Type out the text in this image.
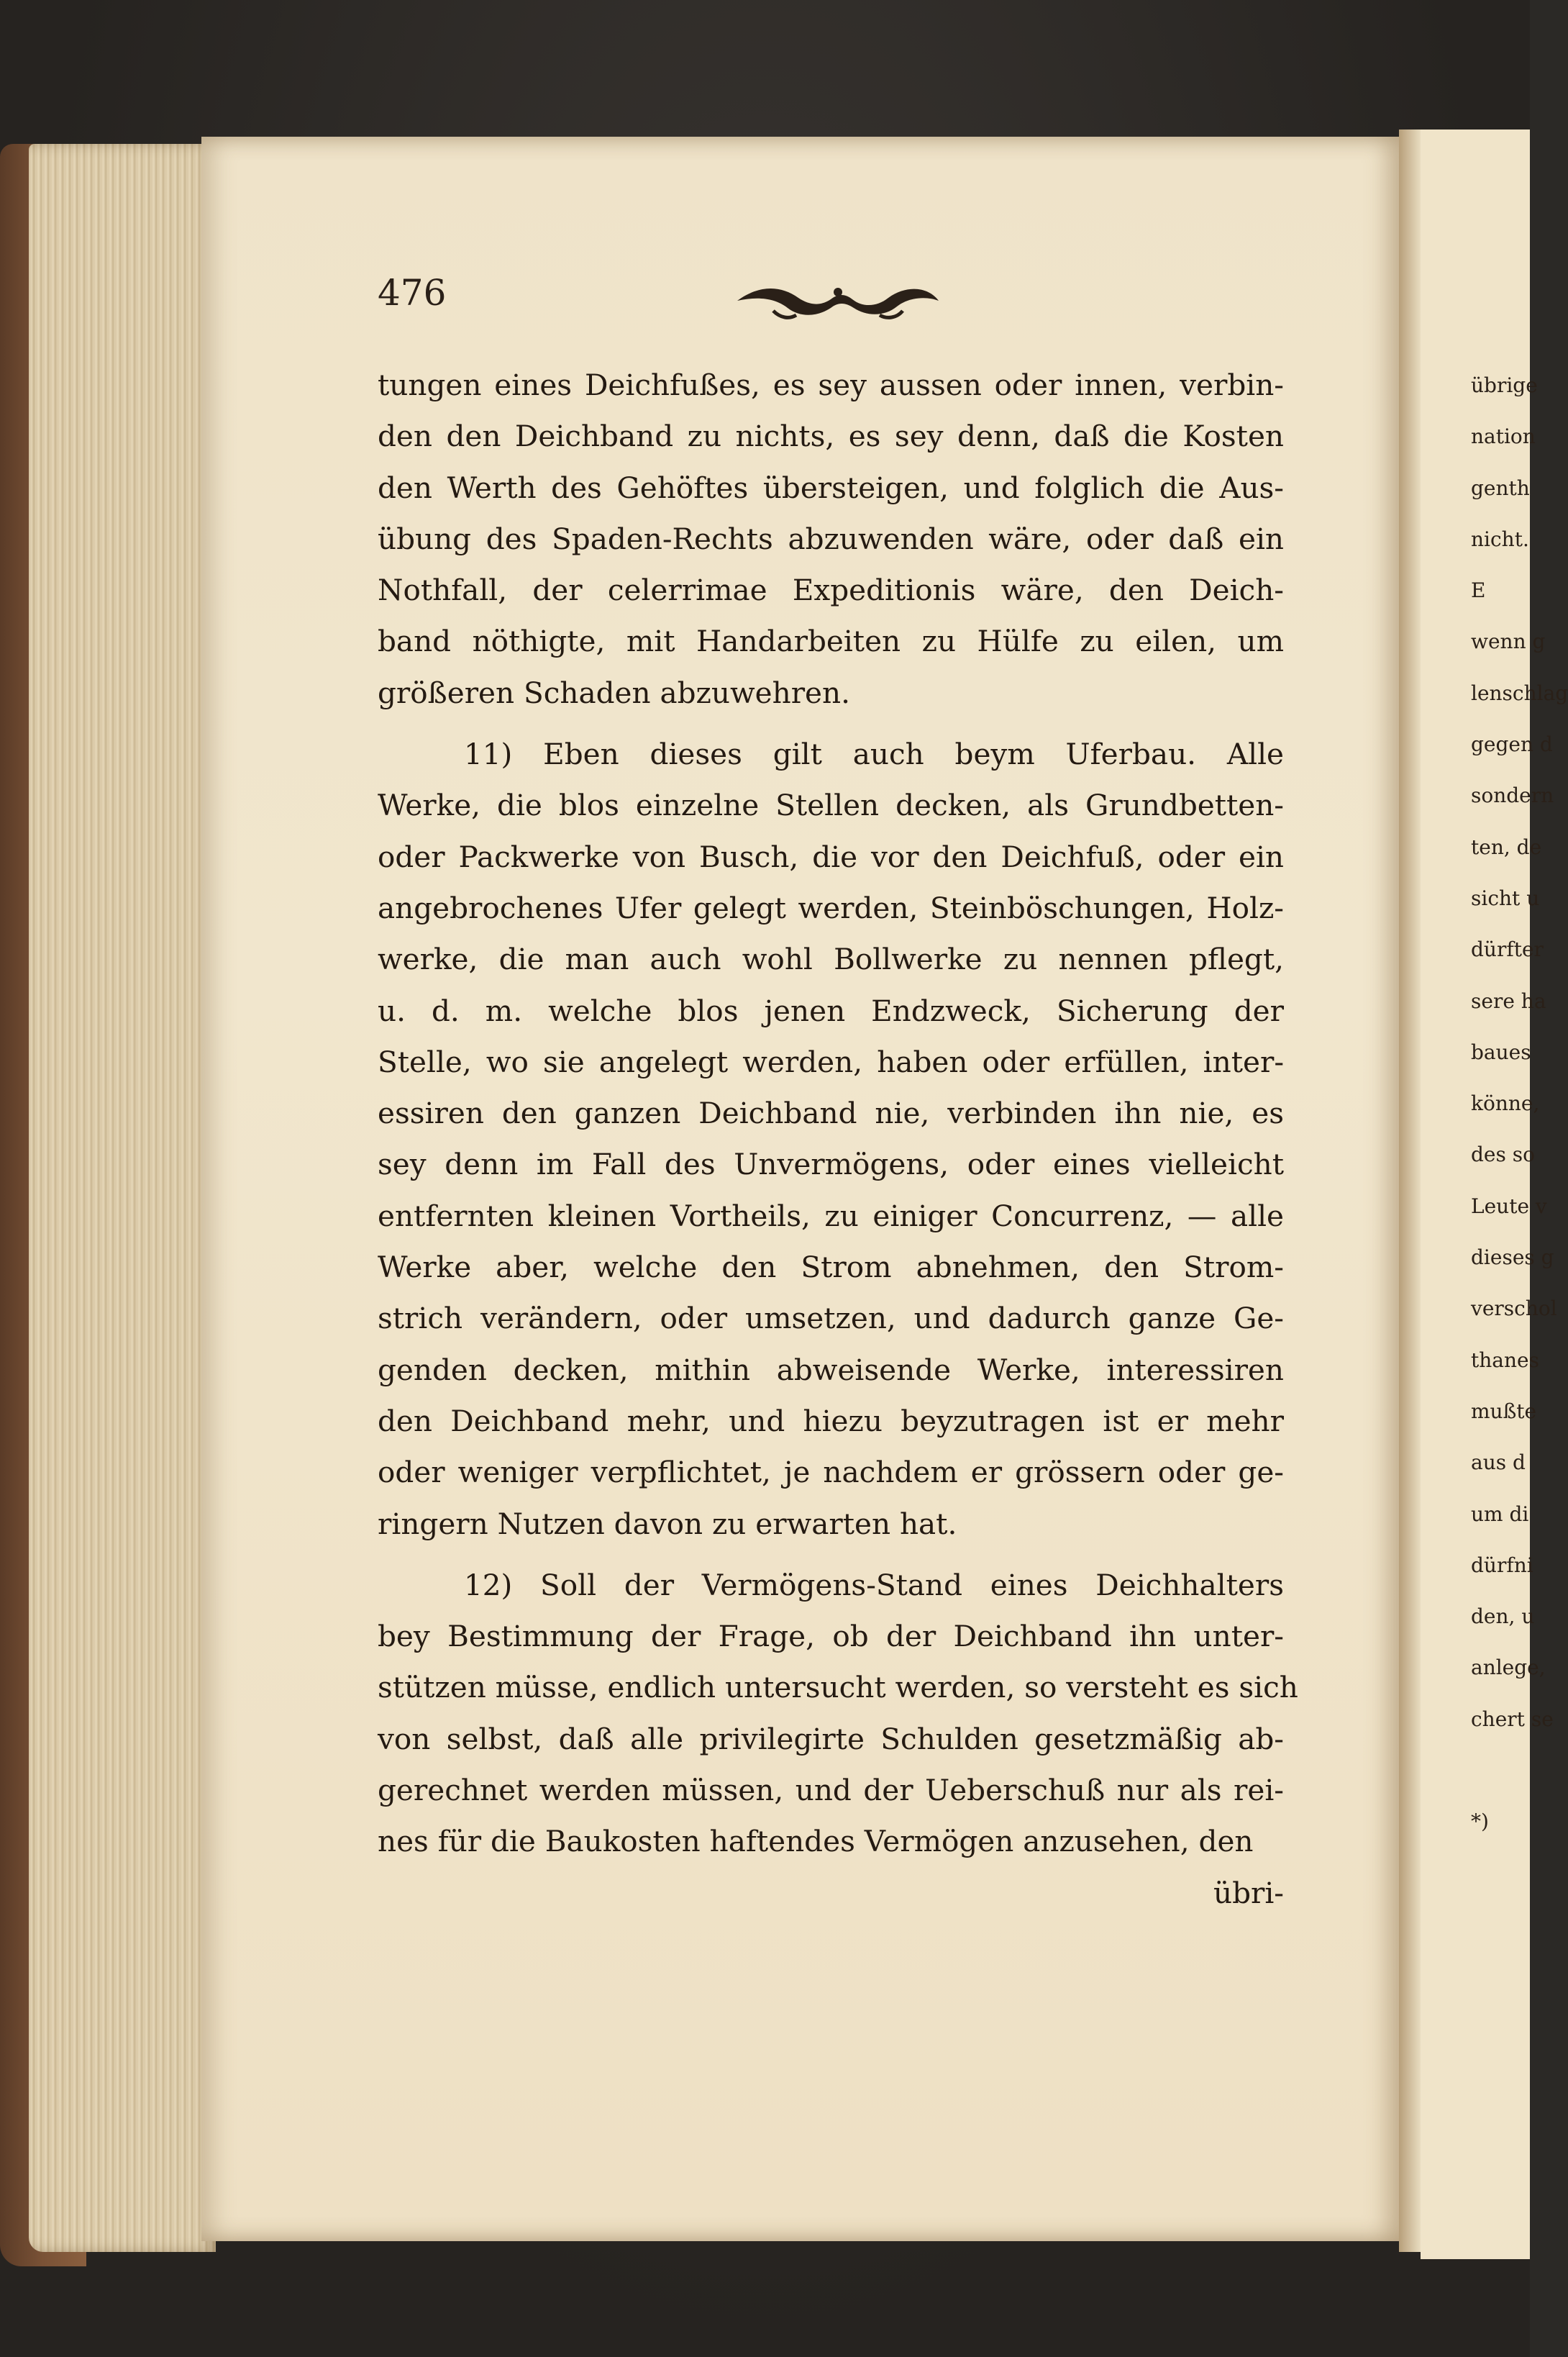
476
tungen eines Deichfußes, es sey aussen oder innen, verbin‑
den den Deichband zu nichts, es sey denn, daß die Kosten
den Werth des Gehöftes übersteigen, und folglich die Aus‑
übung des Spaden‑Rechts abzuwenden wäre, oder daß ein
Nothfall, der celerrimae Expeditionis wäre, den Deich‑
band nöthigte, mit Handarbeiten zu Hülfe zu eilen, um
größeren Schaden abzuwehren.
11) Eben dieses gilt auch beym Uferbau. Alle
Werke, die blos einzelne Stellen decken, als Grundbetten‑
oder Packwerke von Busch, die vor den Deichfuß, oder ein
angebrochenes Ufer gelegt werden, Steinböschungen, Holz‑
werke, die man auch wohl Bollwerke zu nennen pflegt,
u. d. m. welche blos jenen Endzweck, Sicherung der
Stelle, wo sie angelegt werden, haben oder erfüllen, inter‑
essiren den ganzen Deichband nie, verbinden ihn nie, es
sey denn im Fall des Unvermögens, oder eines vielleicht
entfernten kleinen Vortheils, zu einiger Concurrenz, — alle
Werke aber, welche den Strom abnehmen, den Strom‑
strich verändern, oder umsetzen, und dadurch ganze Ge‑
genden decken, mithin abweisende Werke, interessiren
den Deichband mehr, und hiezu beyzutragen ist er mehr
oder weniger verpflichtet, je nachdem er grössern oder ge‑
ringern Nutzen davon zu erwarten hat.
12) Soll der Vermögens‑Stand eines Deichhalters
bey Bestimmung der Frage, ob der Deichband ihn unter‑
stützen müsse, endlich untersucht werden, so versteht es sich
von selbst, daß alle privilegirte Schulden gesetzmäßig ab‑
gerechnet werden müssen, und der Ueberschuß nur als rei‑
nes für die Baukosten haftendes Vermögen anzusehen, den
übri‑
übrige
nation
genth
nicht.
E
wenn g
lenschlag
gegen d
sondern
ten, de
sicht u
dürfter
sere ha
baues
könne,
des so
Leute v
dieses g
verschol
thanes
mußte
aus d
um di
dürfni
den, u
anlege,
chert se
*)
